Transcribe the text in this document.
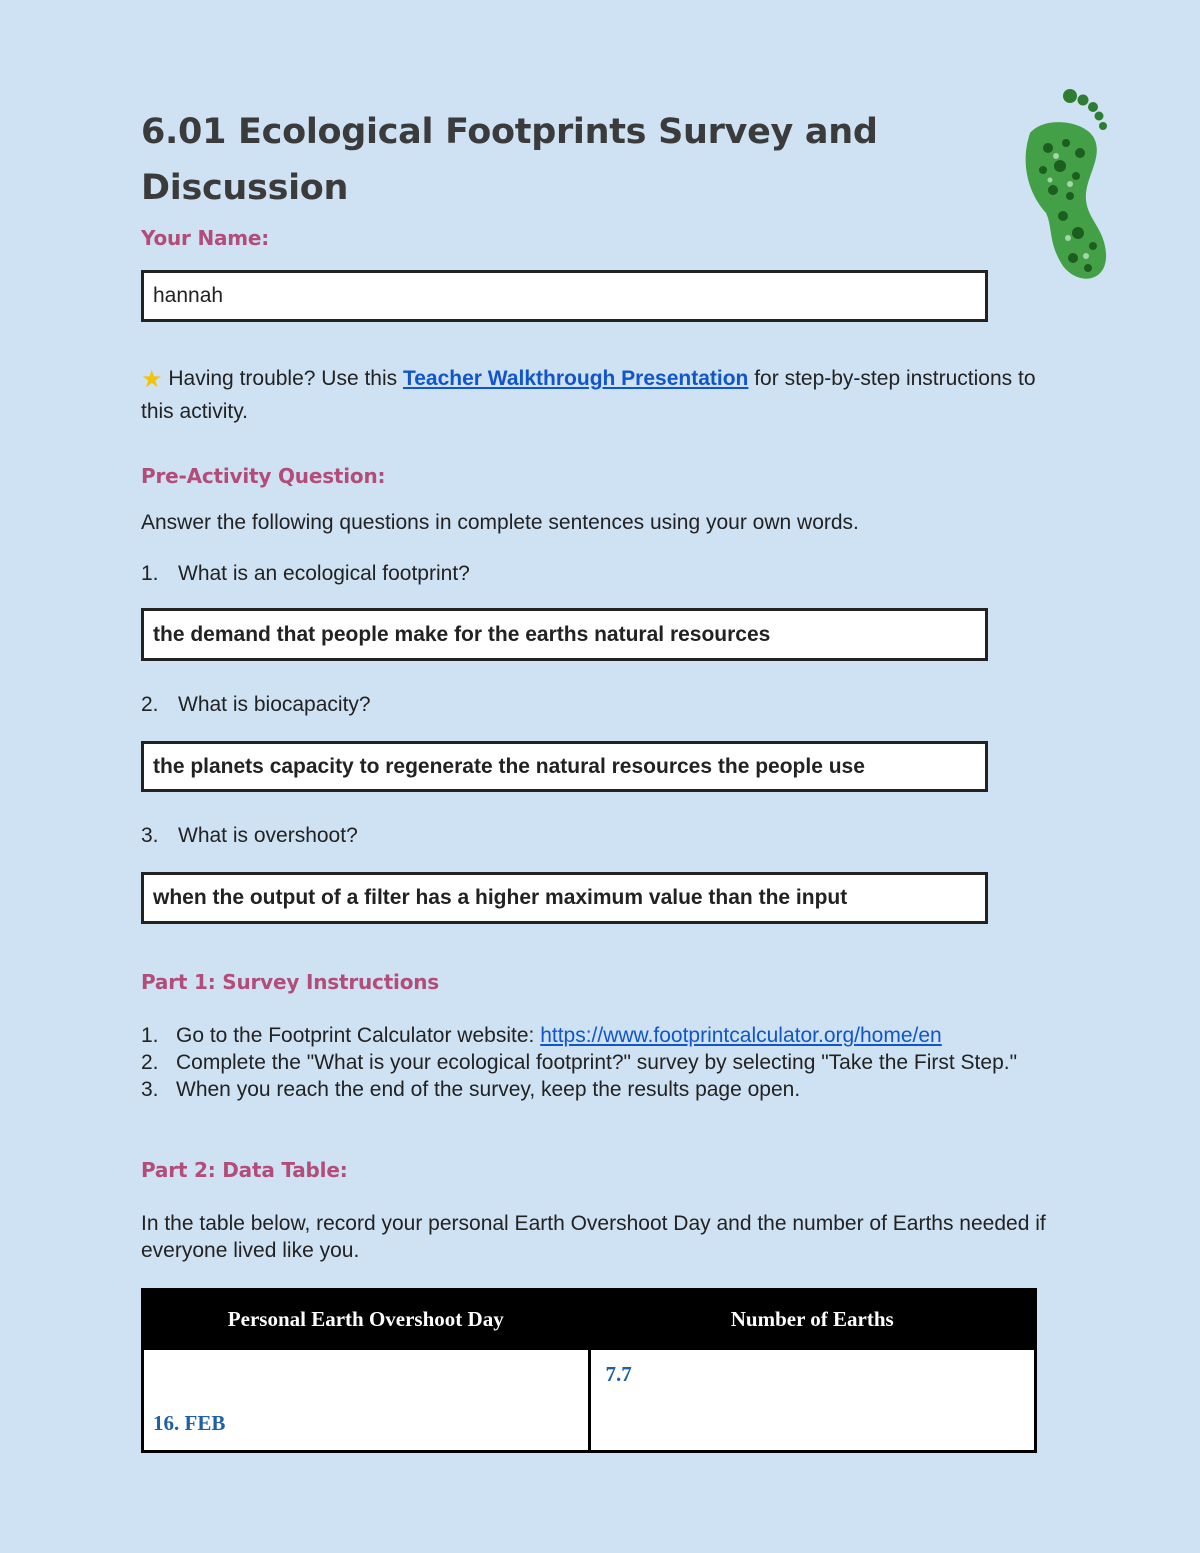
6.01 Ecological Footprints Survey and Discussion
Your Name:
hannah

★ Having trouble? Use this Teacher Walkthrough Presentation for step-by-step instructions to this activity.

Pre-Activity Question:

Answer the following questions in complete sentences using your own words.

1. What is an ecological footprint?

the demand that people make for the earths natural resources

2. What is biocapacity?

the planets capacity to regenerate the natural resources the people use

3. What is overshoot?

when the output of a filter has a higher maximum value than the input
Part 1: Survey Instructions
1. Go to the Footprint Calculator website: https://www.footprintcalculator.org/home/en
2. Complete the "What is your ecological footprint?" survey by selecting "Take the First Step."
3. When you reach the end of the survey, keep the results page open.
Part 2: Data Table:

In the table below, record your personal Earth Overshoot Day and the number of Earths needed if everyone lived like you.

Personal Earth Overshoot Day	Number of Earths

16. FEB	7.7
